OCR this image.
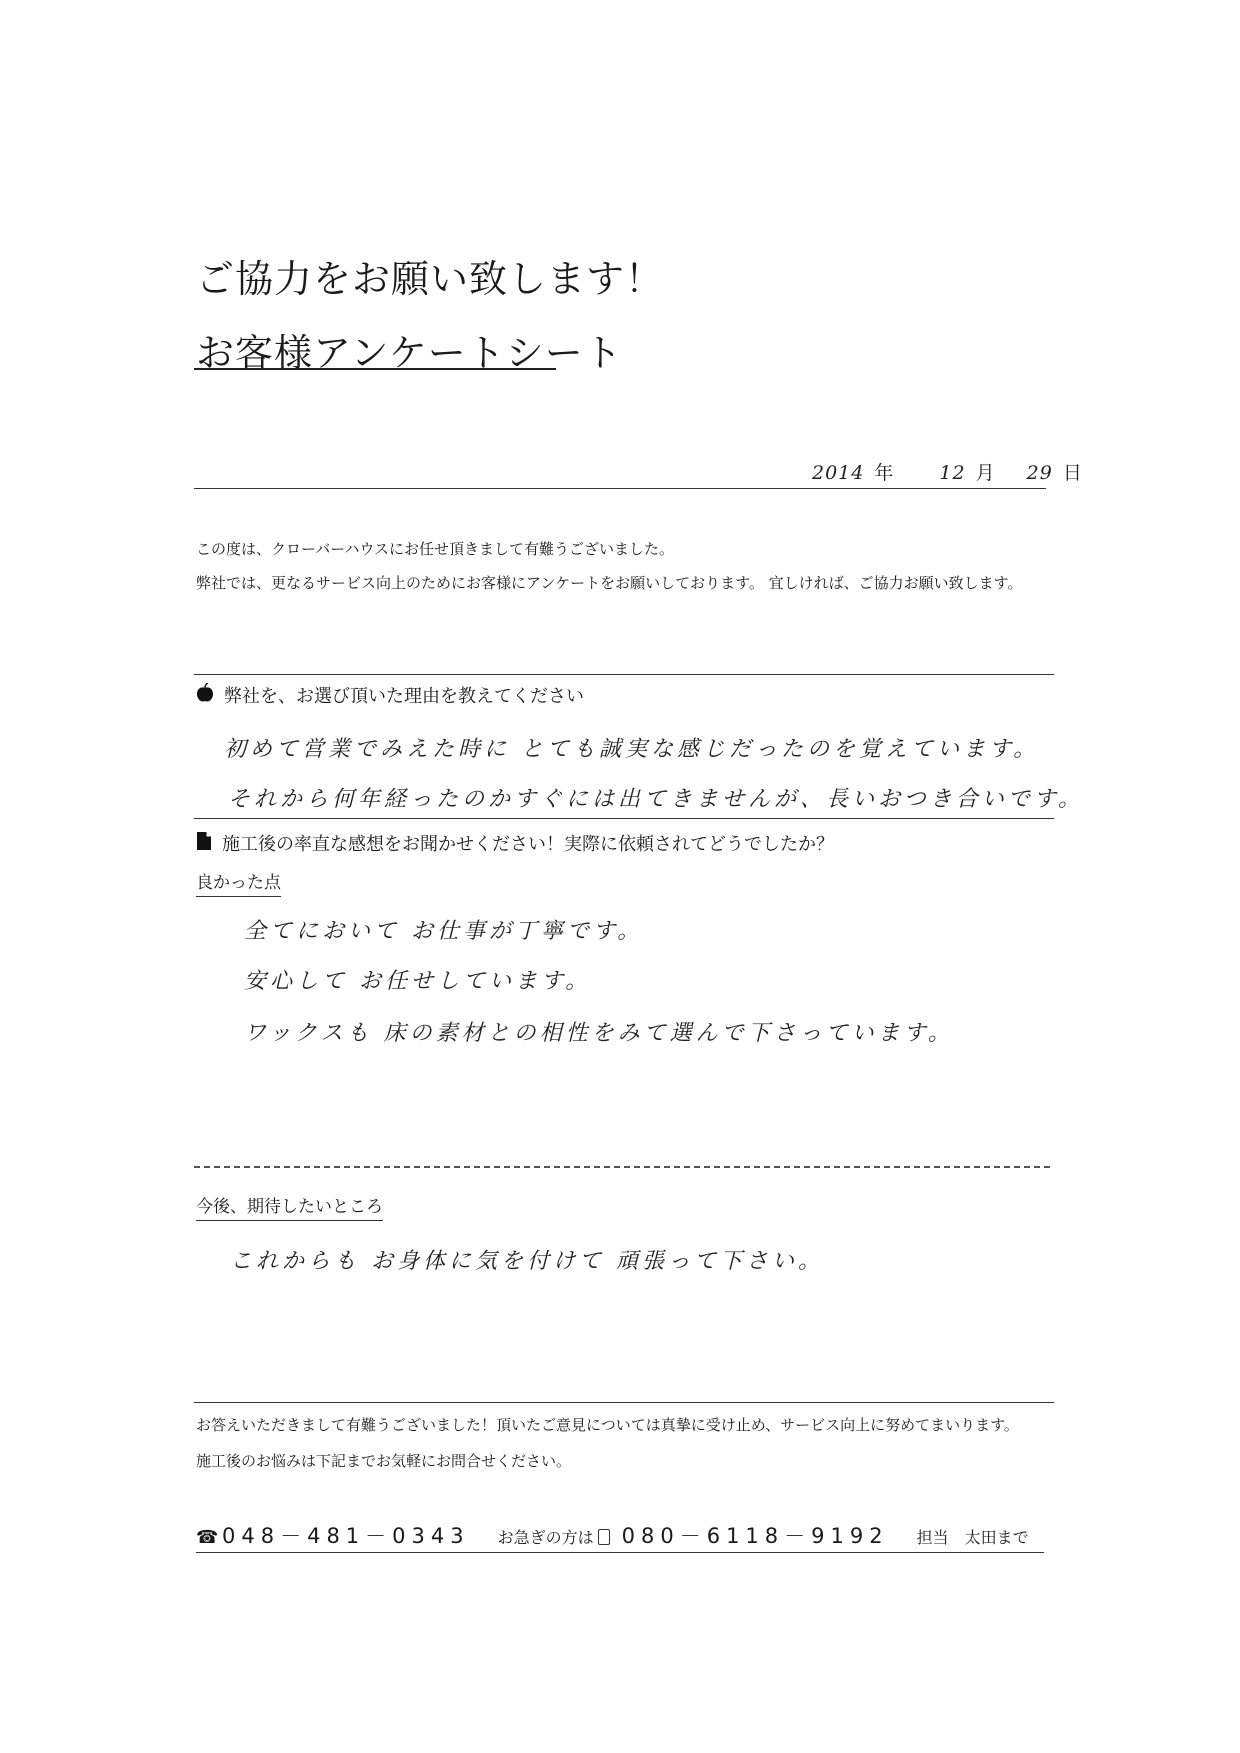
ご協力をお願い致します！
お客様アンケートシート
2014 年 12 月 29 日
この度は、クローバーハウスにお任せ頂きまして有難うございました。
弊社では、更なるサービス向上のためにお客様にアンケートをお願いしております。 宜しければ、ご協力お願い致します。
弊社を、お選び頂いた理由を教えてください
初めて営業でみえた時に とても誠実な感じだったのを覚えています。
それから何年経ったのかすぐには出てきませんが、長いおつき合いです。
施工後の率直な感想をお聞かせください！実際に依頼されてどうでしたか？
良かった点
全てにおいて お仕事が丁寧です。
安心して お任せしています。
ワックスも 床の素材との相性をみて選んで下さっています。
今後、期待したいところ
これからも お身体に気を付けて 頑張って下さい。
お答えいただきまして有難うございました！頂いたご意見については真摯に受け止め、サービス向上に努めてまいります。
施工後のお悩みは下記までお気軽にお問合せください。
☎ 048－481－0343 お急ぎの方は 080－6118－9192 担当　太田まで
